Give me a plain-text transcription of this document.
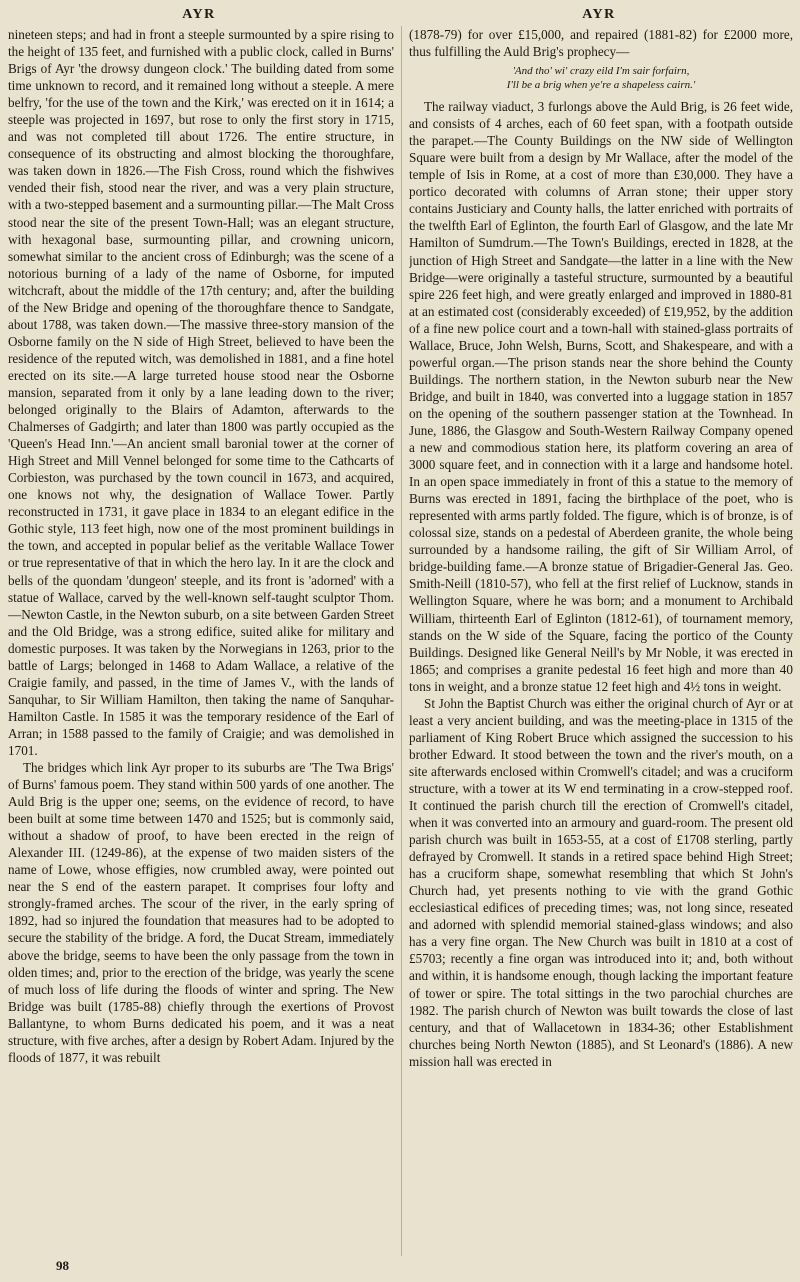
AYR	AYR

nineteen steps; and had in front a steeple surmounted by a spire rising to the height of 135 feet, and furnished with a public clock, called in Burns' Brigs of Ayr 'the drowsy dungeon clock.' The building dated from some time unknown to record, and it remained long without a steeple. A mere belfry, 'for the use of the town and the Kirk,' was erected on it in 1614; a steeple was projected in 1697, but rose to only the first story in 1715, and was not completed till about 1726. The entire structure, in consequence of its obstructing and almost blocking the thoroughfare, was taken down in 1826.—The Fish Cross, round which the fishwives vended their fish, stood near the river, and was a very plain structure, with a two-stepped basement and a surmounting pillar.—The Malt Cross stood near the site of the present Town-Hall; was an elegant structure, with hexagonal base, surmounting pillar, and crowning unicorn, somewhat similar to the ancient cross of Edinburgh; was the scene of a notorious burning of a lady of the name of Osborne, for imputed witchcraft, about the middle of the 17th century; and, after the building of the New Bridge and opening of the thoroughfare thence to Sandgate, about 1788, was taken down.—The massive three-story mansion of the Osborne family on the N side of High Street, believed to have been the residence of the reputed witch, was demolished in 1881, and a fine hotel erected on its site.—A large turreted house stood near the Osborne mansion, separated from it only by a lane leading down to the river; belonged originally to the Blairs of Adamton, afterwards to the Chalmerses of Gadgirth; and later than 1800 was partly occupied as the 'Queen's Head Inn.'—An ancient small baronial tower at the corner of High Street and Mill Vennel belonged for some time to the Cathcarts of Corbieston, was purchased by the town council in 1673, and acquired, one knows not why, the designation of Wallace Tower. Partly reconstructed in 1731, it gave place in 1834 to an elegant edifice in the Gothic style, 113 feet high, now one of the most prominent buildings in the town, and accepted in popular belief as the veritable Wallace Tower or true representative of that in which the hero lay. In it are the clock and bells of the quondam 'dungeon' steeple, and its front is 'adorned' with a statue of Wallace, carved by the well-known self-taught sculptor Thom.—Newton Castle, in the Newton suburb, on a site between Garden Street and the Old Bridge, was a strong edifice, suited alike for military and domestic purposes. It was taken by the Norwegians in 1263, prior to the battle of Largs; belonged in 1468 to Adam Wallace, a relative of the Craigie family, and passed, in the time of James V., with the lands of Sanquhar, to Sir William Hamilton, then taking the name of Sanquhar-Hamilton Castle. In 1585 it was the temporary residence of the Earl of Arran; in 1588 passed to the family of Craigie; and was demolished in 1701.

The bridges which link Ayr proper to its suburbs are 'The Twa Brigs' of Burns' famous poem. They stand within 500 yards of one another. The Auld Brig is the upper one; seems, on the evidence of record, to have been built at some time between 1470 and 1525; but is commonly said, without a shadow of proof, to have been erected in the reign of Alexander III. (1249-86), at the expense of two maiden sisters of the name of Lowe, whose effigies, now crumbled away, were pointed out near the S end of the eastern parapet. It comprises four lofty and strongly-framed arches. The scour of the river, in the early spring of 1892, had so injured the foundation that measures had to be adopted to secure the stability of the bridge. A ford, the Ducat Stream, immediately above the bridge, seems to have been the only passage from the town in olden times; and, prior to the erection of the bridge, was yearly the scene of much loss of life during the floods of winter and spring. The New Bridge was built (1785-88) chiefly through the exertions of Provost Ballantyne, to whom Burns dedicated his poem, and it was a neat structure, with five arches, after a design by Robert Adam. Injured by the floods of 1877, it was rebuilt

(1878-79) for over £15,000, and repaired (1881-82) for £2000 more, thus fulfilling the Auld Brig's prophecy—

'And tho' wi' crazy eild I'm sair forfairn,
I'll be a brig when ye're a shapeless cairn.'

The railway viaduct, 3 furlongs above the Auld Brig, is 26 feet wide, and consists of 4 arches, each of 60 feet span, with a footpath outside the parapet.—The County Buildings on the NW side of Wellington Square were built from a design by Mr Wallace, after the model of the temple of Isis in Rome, at a cost of more than £30,000. They have a portico decorated with columns of Arran stone; their upper story contains Justiciary and County halls, the latter enriched with portraits of the twelfth Earl of Eglinton, the fourth Earl of Glasgow, and the late Mr Hamilton of Sumdrum.—The Town's Buildings, erected in 1828, at the junction of High Street and Sandgate—the latter in a line with the New Bridge—were originally a tasteful structure, surmounted by a beautiful spire 226 feet high, and were greatly enlarged and improved in 1880-81 at an estimated cost (considerably exceeded) of £19,952, by the addition of a fine new police court and a town-hall with stained-glass portraits of Wallace, Bruce, John Welsh, Burns, Scott, and Shakespeare, and with a powerful organ.—The prison stands near the shore behind the County Buildings. The northern station, in the Newton suburb near the New Bridge, and built in 1840, was converted into a luggage station in 1857 on the opening of the southern passenger station at the Townhead. In June, 1886, the Glasgow and South-Western Railway Company opened a new and commodious station here, its platform covering an area of 3000 square feet, and in connection with it a large and handsome hotel. In an open space immediately in front of this a statue to the memory of Burns was erected in 1891, facing the birthplace of the poet, who is represented with arms partly folded. The figure, which is of bronze, is of colossal size, stands on a pedestal of Aberdeen granite, the whole being surrounded by a handsome railing, the gift of Sir William Arrol, of bridge-building fame.—A bronze statue of Brigadier-General Jas. Geo. Smith-Neill (1810-57), who fell at the first relief of Lucknow, stands in Wellington Square, where he was born; and a monument to Archibald William, thirteenth Earl of Eglinton (1812-61), of tournament memory, stands on the W side of the Square, facing the portico of the County Buildings. Designed like General Neill's by Mr Noble, it was erected in 1865; and comprises a granite pedestal 16 feet high and more than 40 tons in weight, and a bronze statue 12 feet high and 4½ tons in weight.

St John the Baptist Church was either the original church of Ayr or at least a very ancient building, and was the meeting-place in 1315 of the parliament of King Robert Bruce which assigned the succession to his brother Edward. It stood between the town and the river's mouth, on a site afterwards enclosed within Cromwell's citadel; and was a cruciform structure, with a tower at its W end terminating in a crow-stepped roof. It continued the parish church till the erection of Cromwell's citadel, when it was converted into an armoury and guard-room. The present old parish church was built in 1653-55, at a cost of £1708 sterling, partly defrayed by Cromwell. It stands in a retired space behind High Street; has a cruciform shape, somewhat resembling that which St John's Church had, yet presents nothing to vie with the grand Gothic ecclesiastical edifices of preceding times; was, not long since, reseated and adorned with splendid memorial stained-glass windows; and also has a very fine organ. The New Church was built in 1810 at a cost of £5703; recently a fine organ was introduced into it; and, both without and within, it is handsome enough, though lacking the important feature of tower or spire. The total sittings in the two parochial churches are 1982. The parish church of Newton was built towards the close of last century, and that of Wallacetown in 1834-36; other Establishment churches being North Newton (1885), and St Leonard's (1886). A new mission hall was erected in

98
